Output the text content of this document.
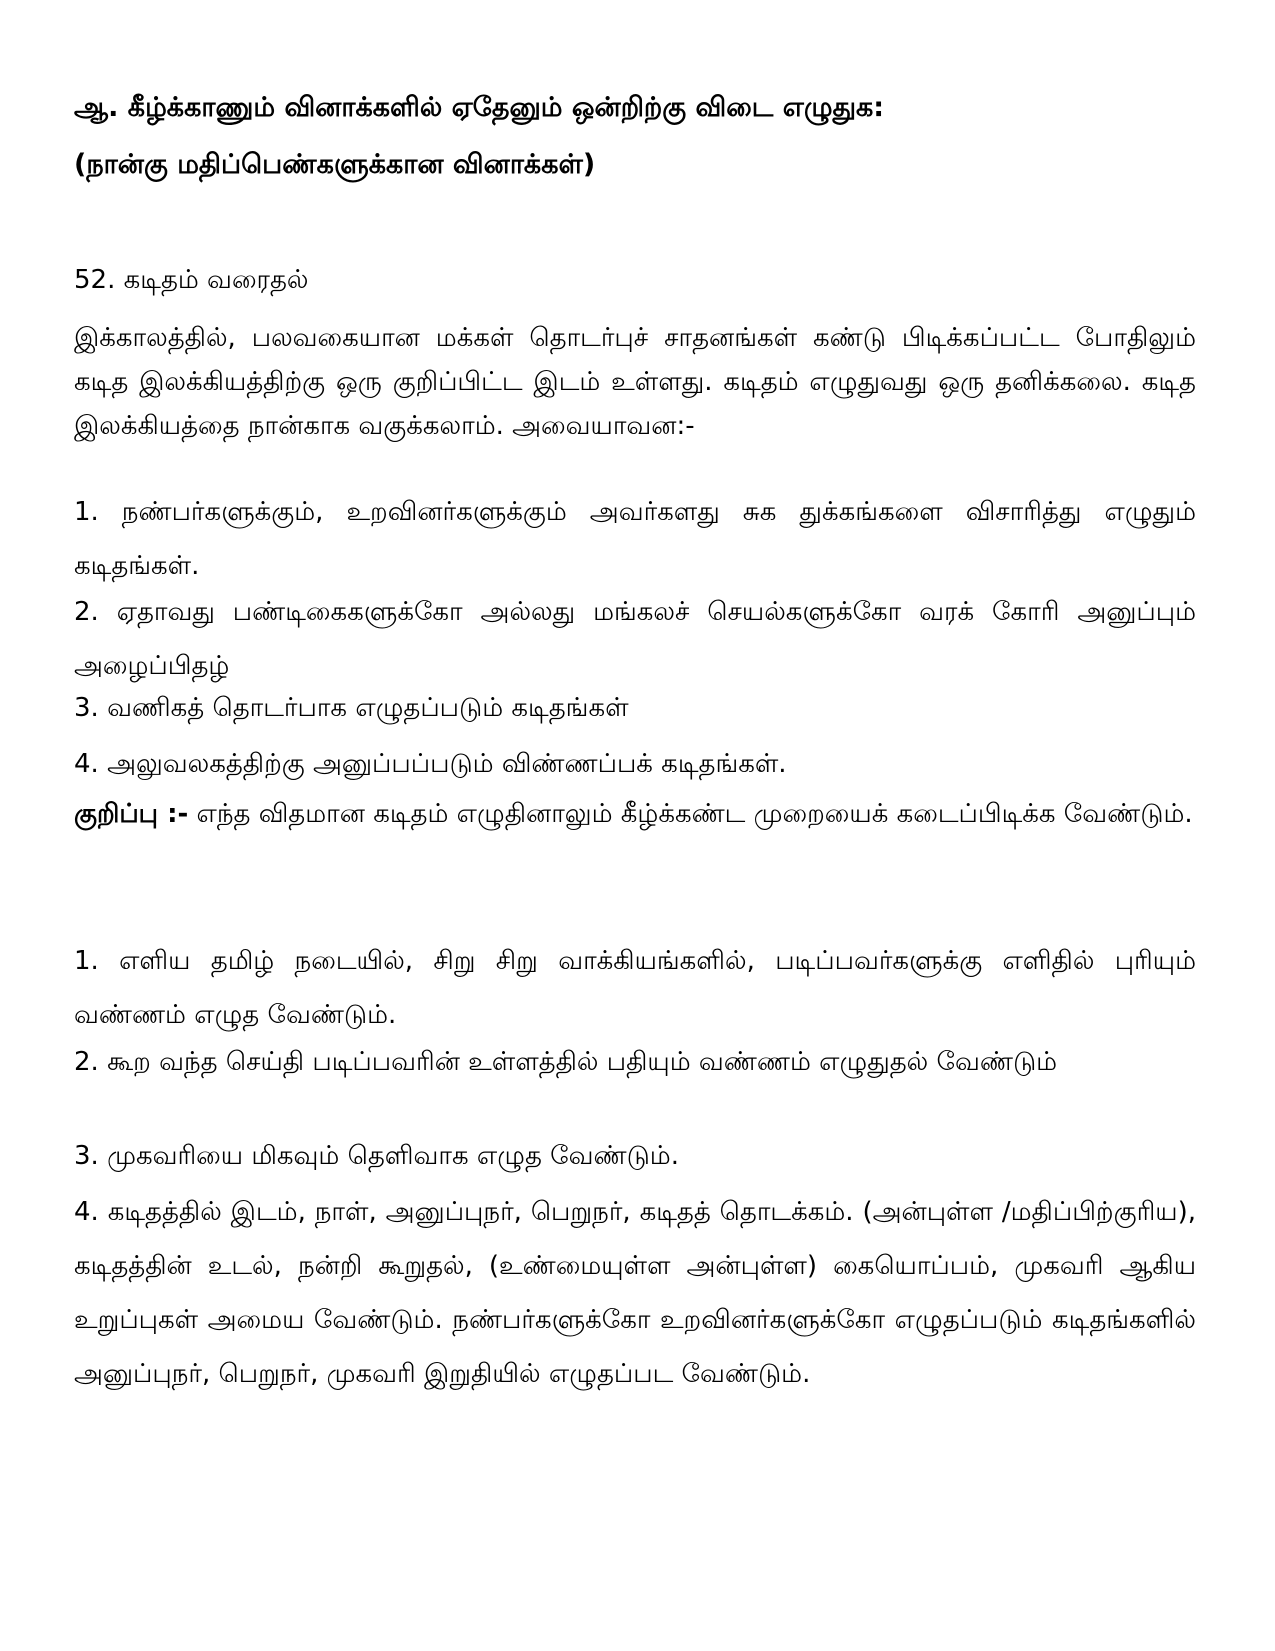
ஆ. கீழ்க்காணும் வினாக்களில் ஏதேனும் ஒன்றிற்கு விடை எழுதுக:
(நான்கு மதிப்பெண்களுக்கான வினாக்கள்)
52. கடிதம் வரைதல்
இக்காலத்தில், பலவகையான மக்கள் தொடர்புச் சாதனங்கள் கண்டு பிடிக்கப்பட்ட போதிலும் கடித இலக்கியத்திற்கு ஒரு குறிப்பிட்ட இடம் உள்ளது. கடிதம் எழுதுவது ஒரு தனிக்கலை. கடித இலக்கியத்தை நான்காக வகுக்கலாம். அவையாவன:-
1. நண்பர்களுக்கும், உறவினர்களுக்கும் அவர்களது சுக துக்கங்களை விசாரித்து எழுதும் கடிதங்கள்.
2. ஏதாவது பண்டிகைகளுக்கோ அல்லது மங்கலச் செயல்களுக்கோ வரக் கோரி அனுப்பும் அழைப்பிதழ்
3. வணிகத் தொடர்பாக எழுதப்படும் கடிதங்கள்
4. அலுவலகத்திற்கு அனுப்பப்படும் விண்ணப்பக் கடிதங்கள்.
குறிப்பு :- எந்த விதமான கடிதம் எழுதினாலும் கீழ்க்கண்ட முறையைக் கடைப்பிடிக்க வேண்டும்.
1. எளிய தமிழ் நடையில், சிறு சிறு வாக்கியங்களில், படிப்பவர்களுக்கு எளிதில் புரியும் வண்ணம் எழுத வேண்டும்.
2. கூற வந்த செய்தி படிப்பவரின் உள்ளத்தில் பதியும் வண்ணம் எழுதுதல் வேண்டும்
3. முகவரியை மிகவும் தெளிவாக எழுத வேண்டும்.
4. கடிதத்தில் இடம், நாள், அனுப்புநர், பெறுநர், கடிதத் தொடக்கம். (அன்புள்ள /மதிப்பிற்குரிய), கடிதத்தின் உடல், நன்றி கூறுதல், (உண்மையுள்ள அன்புள்ள) கையொப்பம், முகவரி ஆகிய உறுப்புகள் அமைய வேண்டும். நண்பர்களுக்கோ உறவினர்களுக்கோ எழுதப்படும் கடிதங்களில் அனுப்புநர், பெறுநர், முகவரி இறுதியில் எழுதப்பட வேண்டும்.
